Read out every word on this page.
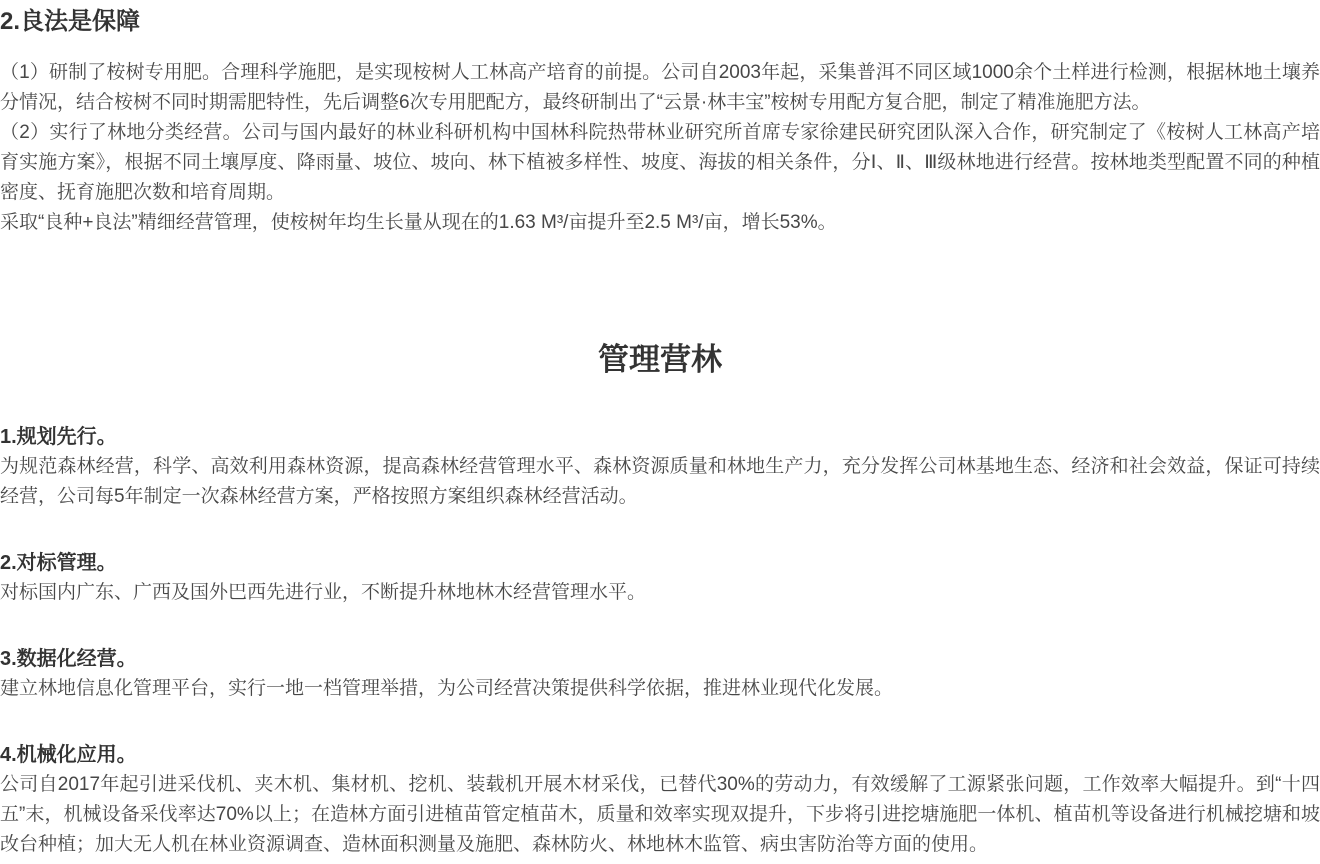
2.良法是保障

（1）研制了桉树专用肥。合理科学施肥，是实现桉树人工林高产培育的前提。公司自2003年起，采集普洱不同区域1000余个土样进行检测，根据林地土壤养分情况，结合桉树不同时期需肥特性，先后调整6次专用肥配方，最终研制出了“云景·林丰宝”桉树专用配方复合肥，制定了精准施肥方法。

（2）实行了林地分类经营。公司与国内最好的林业科研机构中国林科院热带林业研究所首席专家徐建民研究团队深入合作，研究制定了《桉树人工林高产培育实施方案》，根据不同土壤厚度、降雨量、坡位、坡向、林下植被多样性、坡度、海拔的相关条件，分Ⅰ、Ⅱ、Ⅲ级林地进行经营。按林地类型配置不同的种植密度、抚育施肥次数和培育周期。

采取“良种+良法”精细经营管理，使桉树年均生长量从现在的1.63 M³/亩提升至2.5 M³/亩，增长53%。

管理营林
1.规划先行。

为规范森林经营，科学、高效利用森林资源，提高森林经营管理水平、森林资源质量和林地生产力，充分发挥公司林基地生态、经济和社会效益，保证可持续经营，公司每5年制定一次森林经营方案，严格按照方案组织森林经营活动。

2.对标管理。

对标国内广东、广西及国外巴西先进行业，不断提升林地林木经营管理水平。

3.数据化经营。

建立林地信息化管理平台，实行一地一档管理举措，为公司经营决策提供科学依据，推进林业现代化发展。

4.机械化应用。

公司自2017年起引进采伐机、夹木机、集材机、挖机、装载机开展木材采伐，已替代30%的劳动力，有效缓解了工源紧张问题，工作效率大幅提升。到“十四五”末，机械设备采伐率达70%以上；在造林方面引进植苗管定植苗木，质量和效率实现双提升，下步将引进挖塘施肥一体机、植苗机等设备进行机械挖塘和坡改台种植；加大无人机在林业资源调查、造林面积测量及施肥、森林防火、林地林木监管、病虫害防治等方面的使用。
